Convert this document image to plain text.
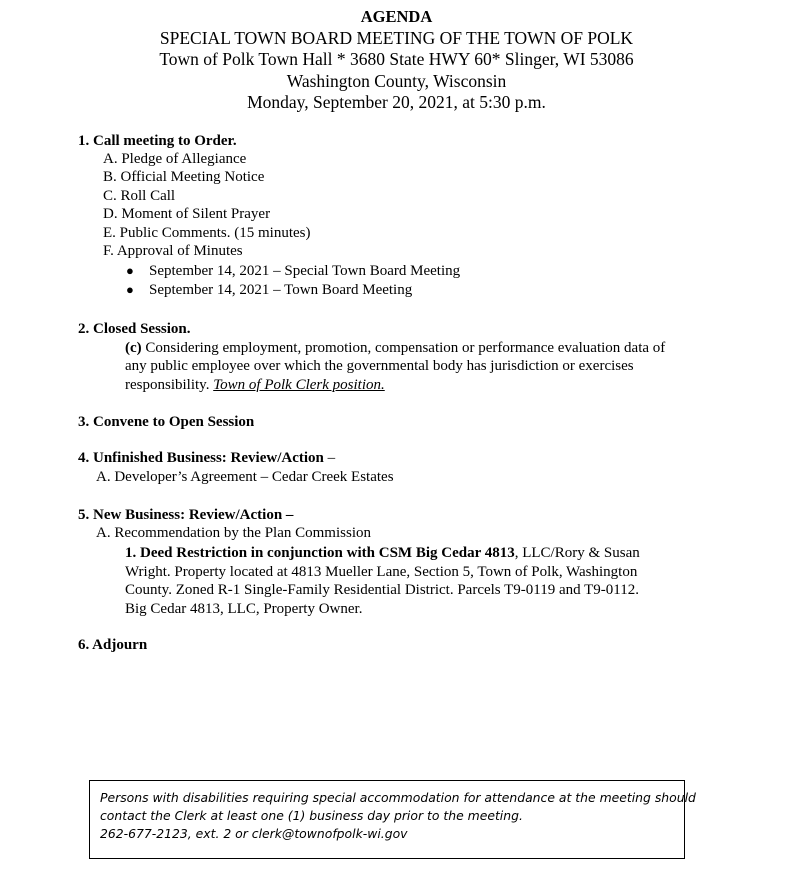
AGENDA
SPECIAL TOWN BOARD MEETING OF THE TOWN OF POLK
Town of Polk Town Hall * 3680 State HWY 60* Slinger, WI 53086
Washington County, Wisconsin
Monday, September 20, 2021, at 5:30 p.m.
1. Call meeting to Order.
A. Pledge of Allegiance
B. Official Meeting Notice
C. Roll Call
D. Moment of Silent Prayer
E. Public Comments. (15 minutes)
F. Approval of Minutes
● September 14, 2021 – Special Town Board Meeting
● September 14, 2021 – Town Board Meeting
2. Closed Session.
(c) Considering employment, promotion, compensation or performance evaluation data of
any public employee over which the governmental body has jurisdiction or exercises
responsibility. Town of Polk Clerk position.
3. Convene to Open Session
4. Unfinished Business: Review/Action –
A. Developer’s Agreement – Cedar Creek Estates
5. New Business: Review/Action –
A. Recommendation by the Plan Commission
1. Deed Restriction in conjunction with CSM Big Cedar 4813, LLC/Rory & Susan
Wright. Property located at 4813 Mueller Lane, Section 5, Town of Polk, Washington
County. Zoned R-1 Single-Family Residential District. Parcels T9-0119 and T9-0112.
Big Cedar 4813, LLC, Property Owner.
6. Adjourn
Persons with disabilities requiring special accommodation for attendance at the meeting should
contact the Clerk at least one (1) business day prior to the meeting.
262-677-2123, ext. 2 or clerk@townofpolk-wi.gov
